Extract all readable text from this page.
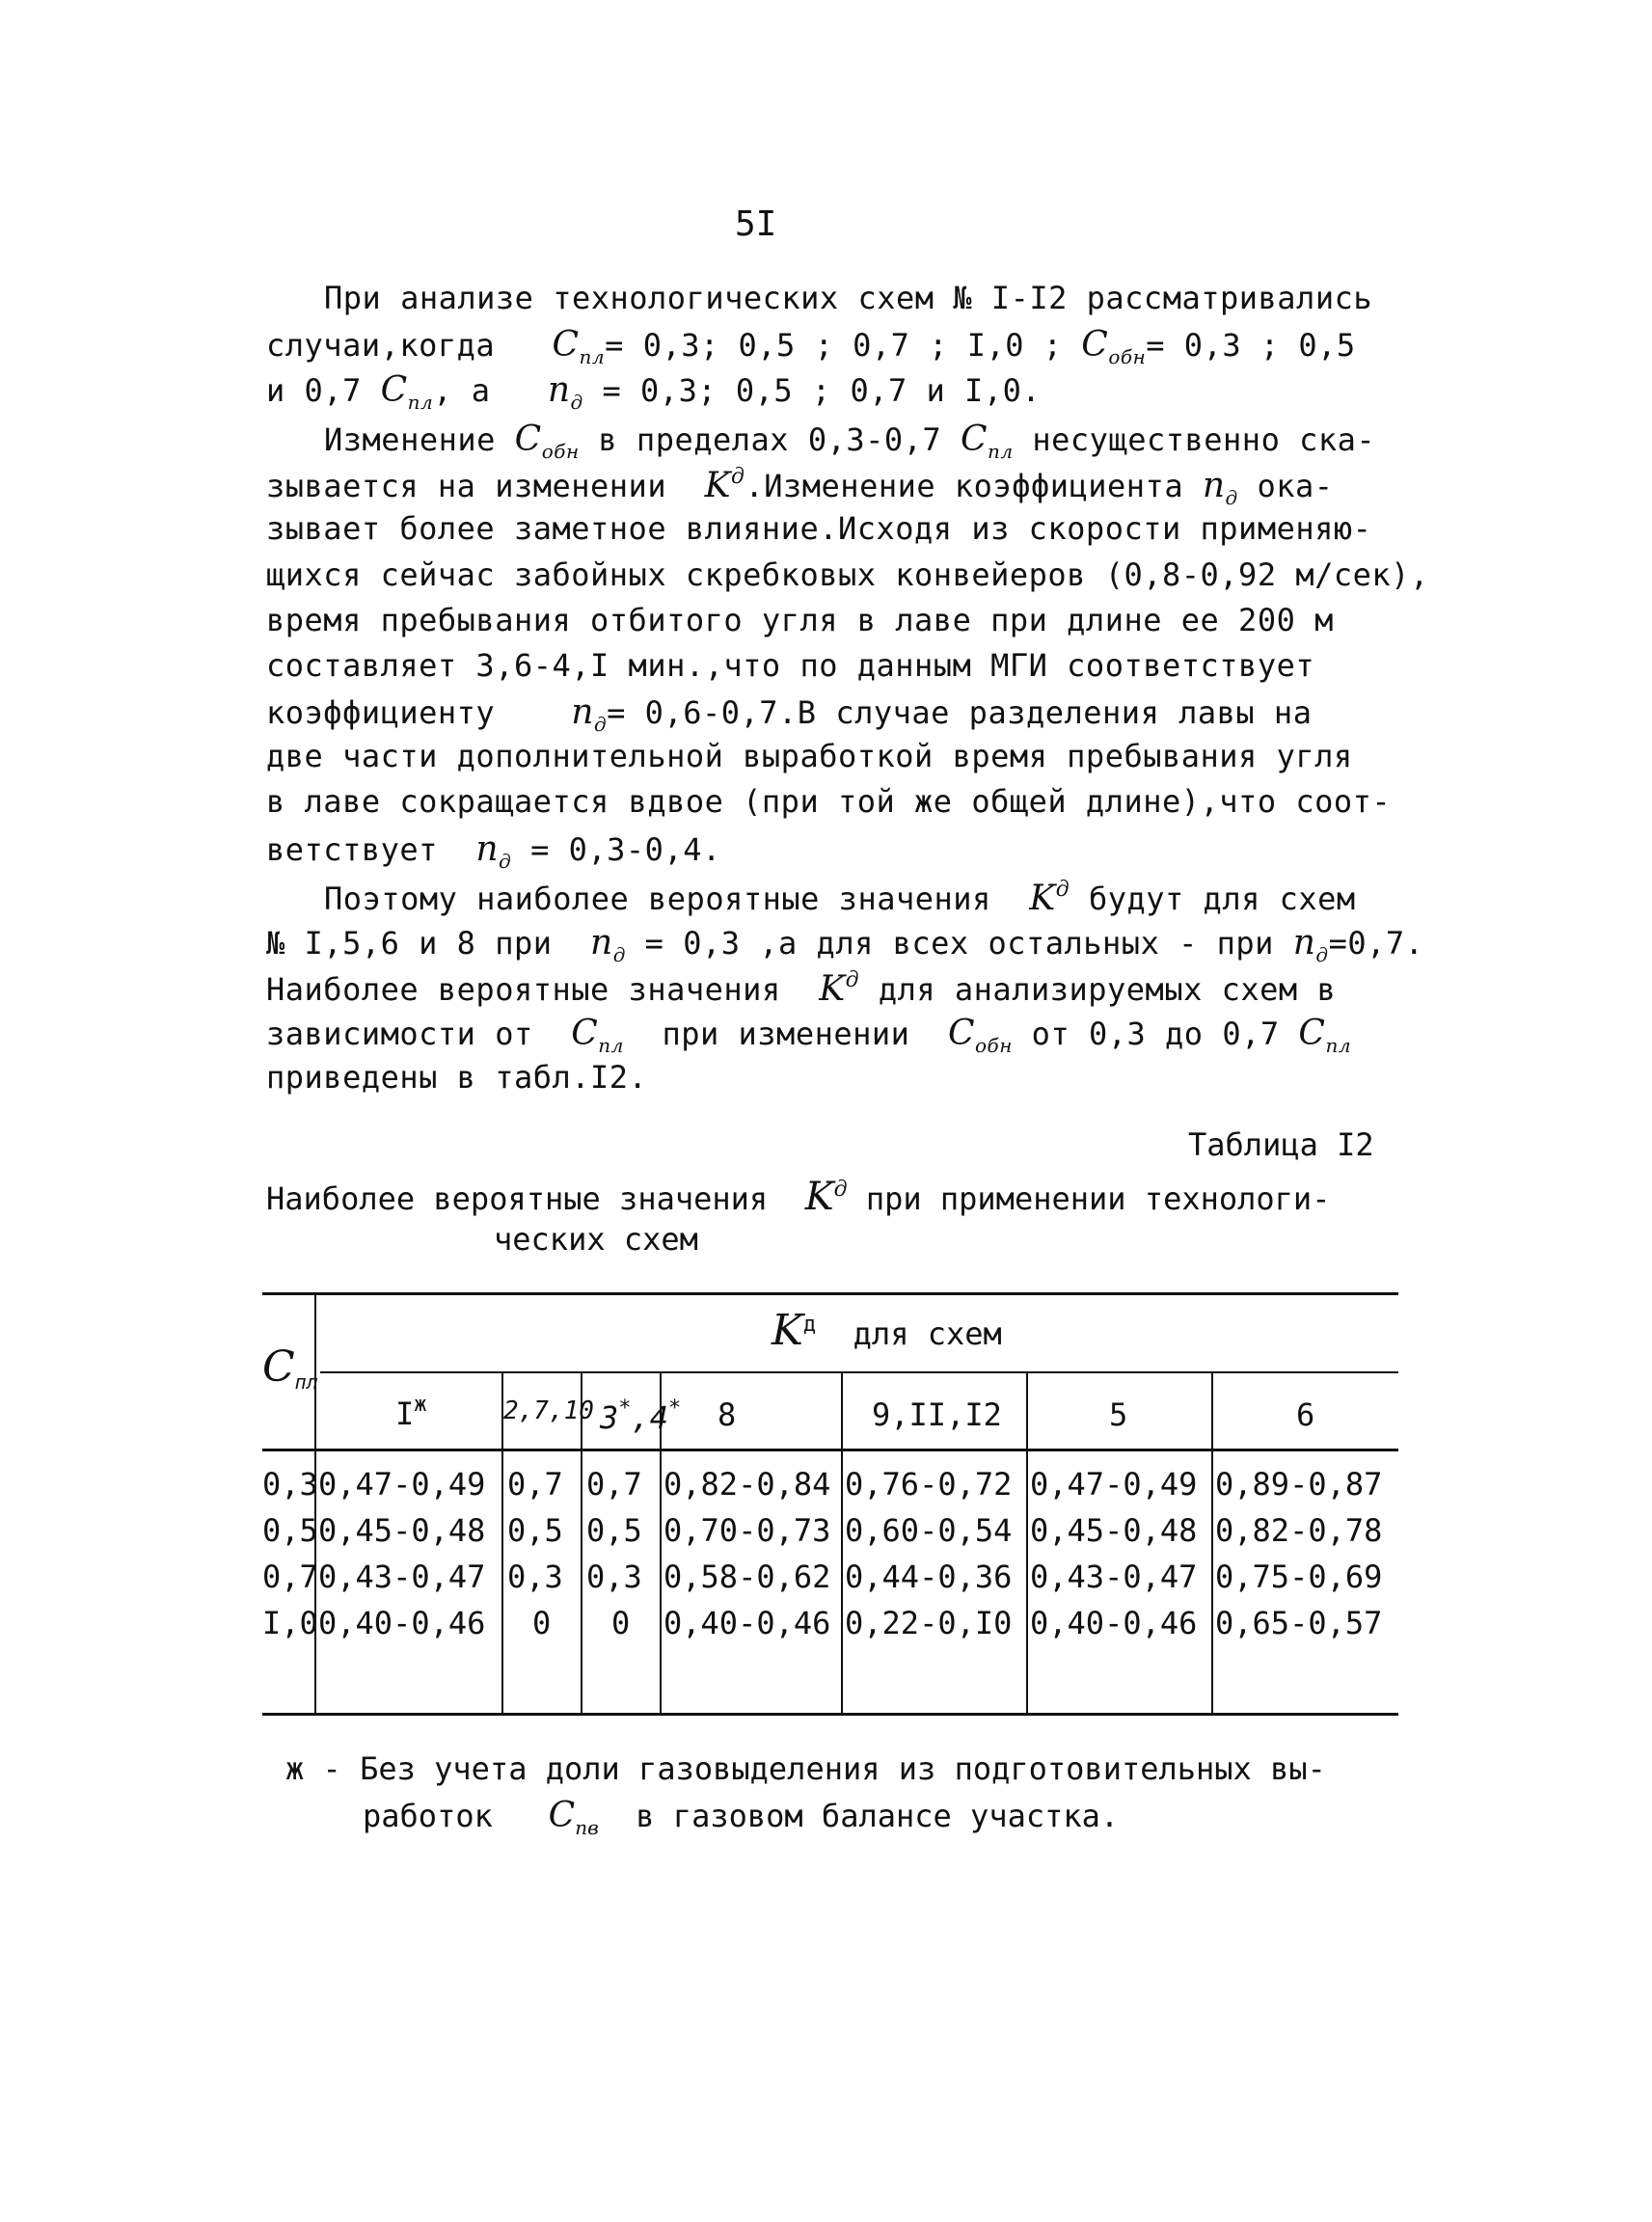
5I
При анализе технологических схем № I-I2 рассматривались
случаи,когда $C_{пл}= 0,3$; 0,5 ; 0,7 ; I,0 ; $C_{обн}= 0,3$ ; 0,5
и 0,7 $C_{пл}$, а $n_д = 0,3$; 0,5 ; 0,7 и I,0.
Изменение $C_{обн}$ в пределах 0,3-0,7 $C_{пл}$ несущественно ска-
зывается на изменении $K^д.Изменение$ коэффициента $n_д$ ока-
зывает более заметное влияние.Исходя из скорости применяю-
щихся сейчас забойных скребковых конвейеров (0,8-0,92 м/сек),
время пребывания отбитого угля в лаве при длине ее 200 м
составляет 3,6-4,I мин.,что по данным МГИ соответствует
коэффициенту $n_д= 0,6-0,7.В$ случае разделения лавы на
две части дополнительной выработкой время пребывания угля
в лаве сокращается вдвое (при той же общей длине),что соот-
ветствует $n_д = 0,3-0,4$.
Поэтому наиболее вероятные значения $K^д$ будут для схем
№ I,5,6 и 8 при $n_д = 0,3$ ,а для всех остальных - при $n_д=0,7$.
Наиболее вероятные значения $K^д$ для анализируемых схем в
зависимости от $C_{пл}$ при изменении $C_{обн}$ от 0,3 до 0,7 $C_{пл}$
приведены в табл.I2.
Таблица I2
Наиболее вероятные значения $K^д$ при применении технологи-
ческих схем
$C_{пл}$
$K^д$ для схем
$I^ж$	2,7,10 3*,4* 8	9,II,I2	5	6
0,3 0,47-0,49 0,7 0,7 0,82-0,84 0,76-0,72 0,47-0,49 0,89-0,87
0,5 0,45-0,48 0,5 0,5 0,70-0,73 0,60-0,54 0,45-0,48 0,82-0,78
0,7 0,43-0,47 0,3 0,3 0,58-0,62 0,44-0,36 0,43-0,47 0,75-0,69
I,0 0,40-0,46 0 0 0,40-0,46 0,22-0,I0 0,40-0,46 0,65-0,57
ж - Без учета доли газовыделения из подготовительных вы-
работок $C_{пв}$ в газовом балансе участка.
